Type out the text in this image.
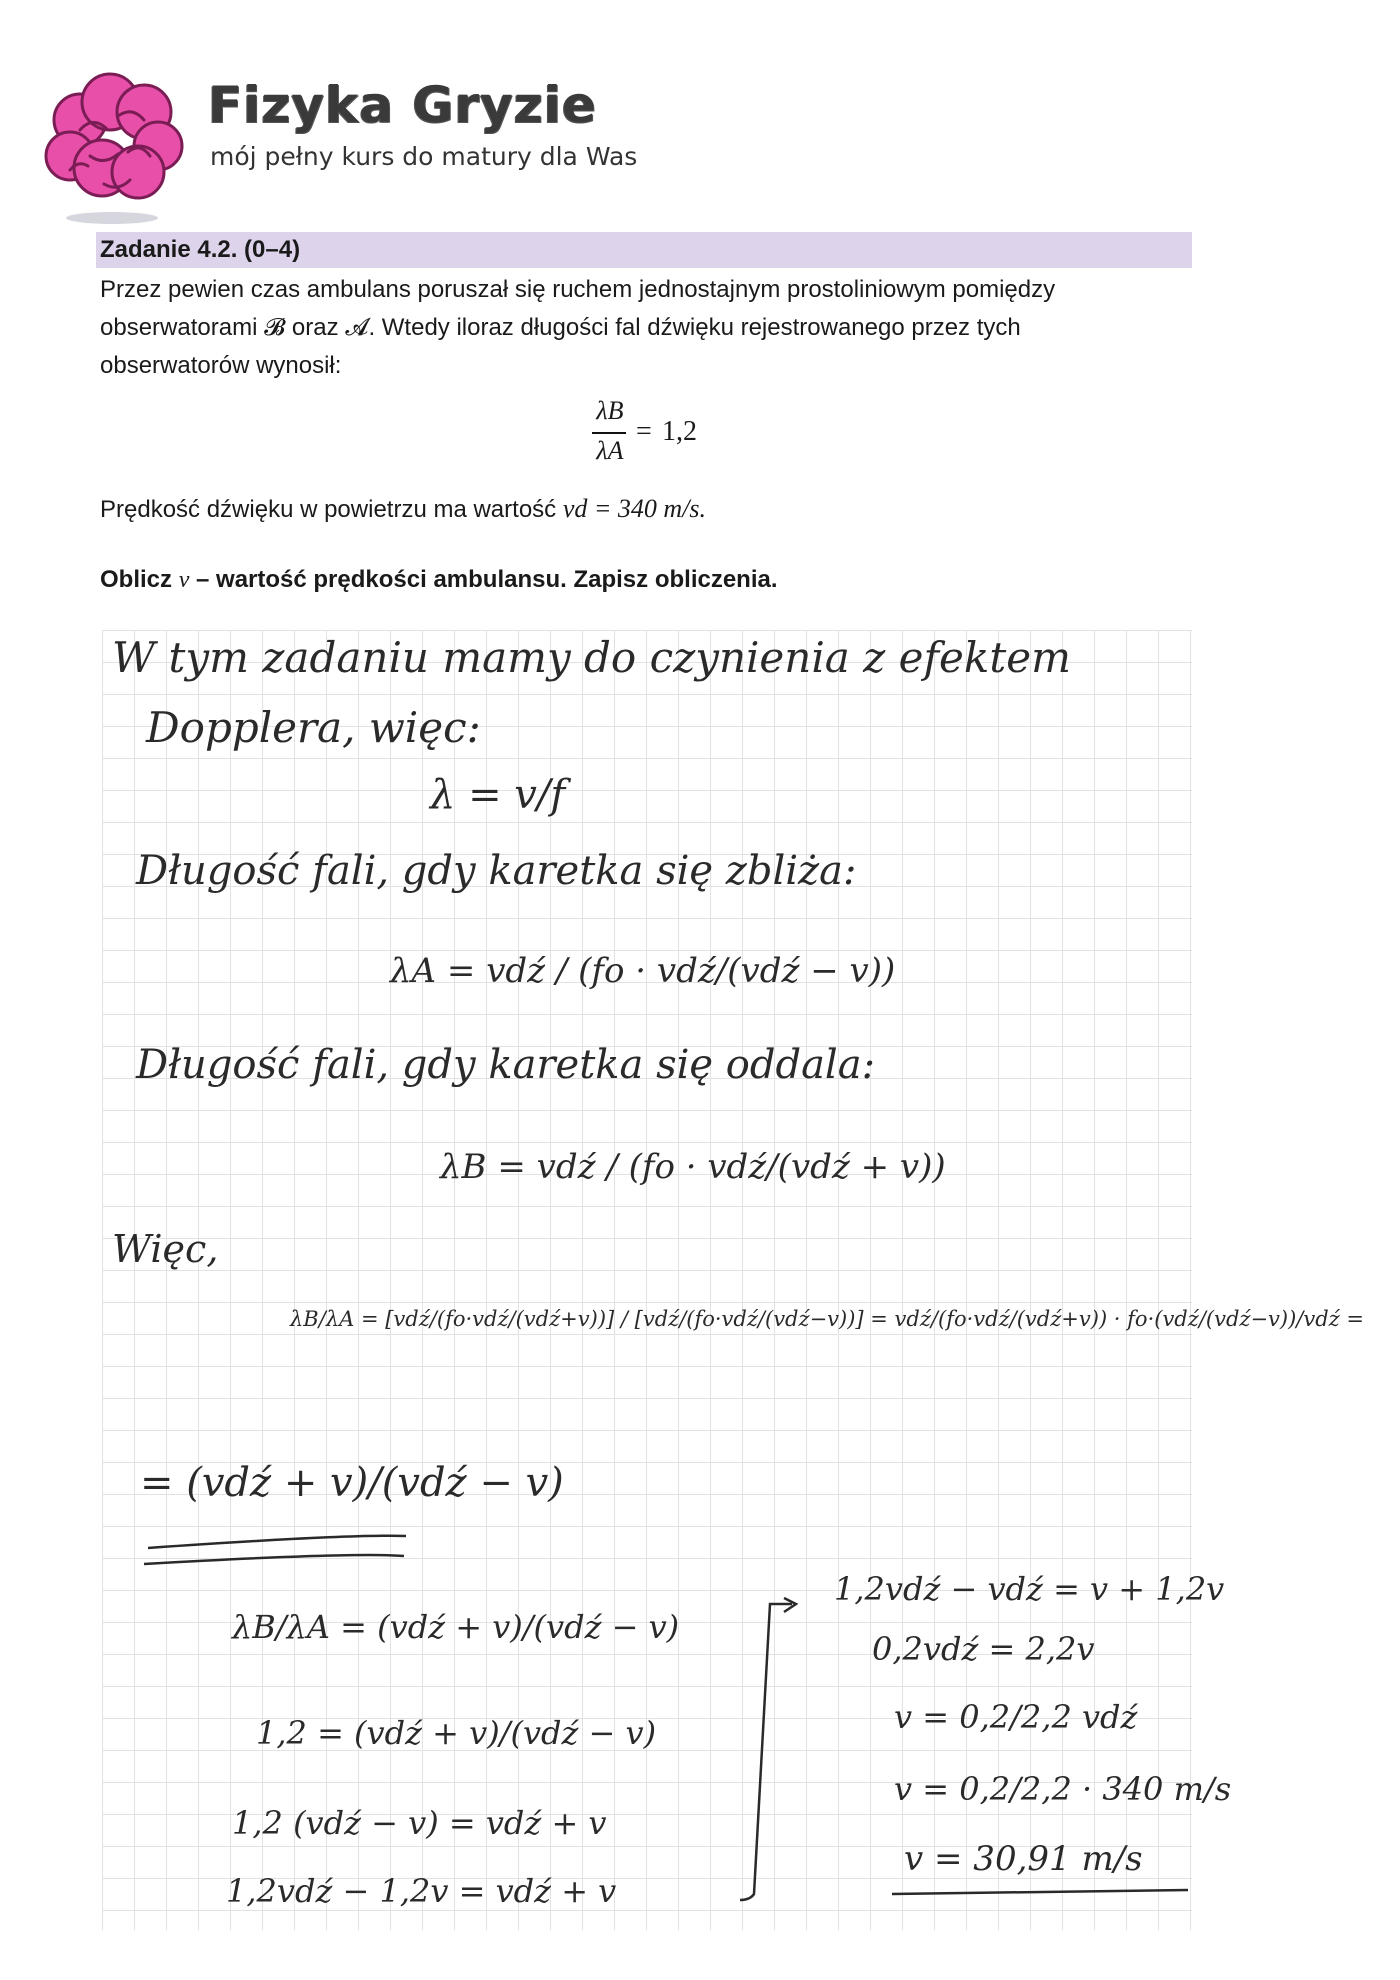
Fizyka Gryzie
mój pełny kurs do matury dla Was
Zadanie 4.2. (0–4)
Przez pewien czas ambulans poruszał się ruchem jednostajnym prostoliniowym pomiędzy
obserwatorami 𝓑 oraz 𝓐. Wtedy iloraz długości fal dźwięku rejestrowanego przez tych
obserwatorów wynosił:
λB
λA
= 1,2
Prędkość dźwięku w powietrzu ma wartość vd = 340 m/s.
Oblicz v – wartość prędkości ambulansu. Zapisz obliczenia.
W tym zadaniu mamy do czynienia z efektem
Dopplera, więc:
λ = v/f
Długość fali, gdy karetka się zbliża:
λA = vdź / (fo · vdź/(vdź − v))
Długość fali, gdy karetka się oddala:
λB = vdź / (fo · vdź/(vdź + v))
Więc,
λB/λA = [vdź/(fo·vdź/(vdź+v))] / [vdź/(fo·vdź/(vdź−v))] = vdź/(fo·vdź/(vdź+v)) · fo·(vdź/(vdź−v))/vdź =
= (vdź + v)/(vdź − v)
λB/λA = (vdź + v)/(vdź − v)
1,2 = (vdź + v)/(vdź − v)
1,2 (vdź − v) = vdź + v
1,2vdź − 1,2v = vdź + v
1,2vdź − vdź = v + 1,2v
0,2vdź = 2,2v
v = 0,2/2,2 vdź
v = 0,2/2,2 · 340 m/s
v = 30,91 m/s
